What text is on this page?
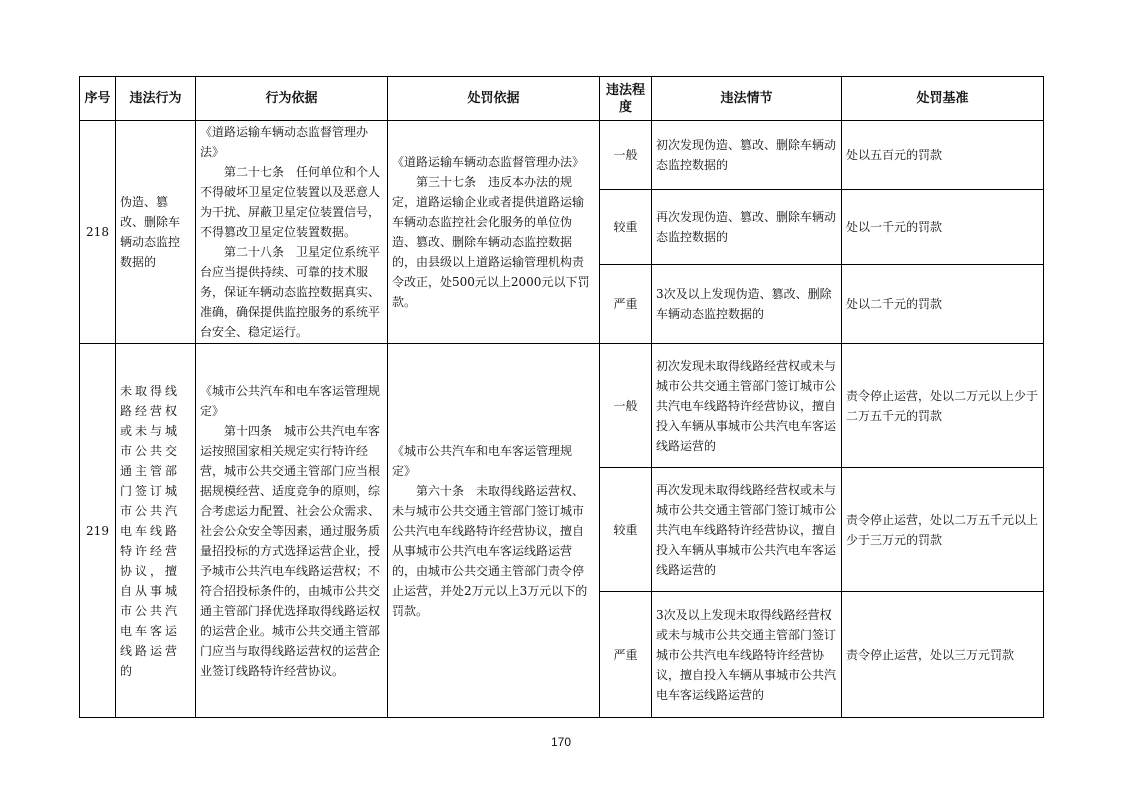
序号	违法行为	行为依据	处罚依据	违法程度	违法情节	处罚基准
218	伪造、篡改、删除车辆动态监控数据的	《道路运输车辆动态监督管理办法》
　　第二十七条　任何单位和个人不得破坏卫星定位装置以及恶意人为干扰、屏蔽卫星定位装置信号，不得篡改卫星定位装置数据。
　　第二十八条　卫星定位系统平台应当提供持续、可靠的技术服务，保证车辆动态监控数据真实、准确，确保提供监控服务的系统平台安全、稳定运行。	《道路运输车辆动态监督管理办法》
　　第三十七条　违反本办法的规定，道路运输企业或者提供道路运输车辆动态监控社会化服务的单位伪造、篡改、删除车辆动态监控数据的，由县级以上道路运输管理机构责令改正，处500元以上2000元以下罚款。	一般	初次发现伪造、篡改、删除车辆动态监控数据的	处以五百元的罚款
				较重	再次发现伪造、篡改、删除车辆动态监控数据的	处以一千元的罚款
				严重	3次及以上发现伪造、篡改、删除车辆动态监控数据的	处以二千元的罚款
219	未取得线路经营权或未与城市公共交通主管部门签订城市公共汽电车线路特许经营协议，擅自从事城市公共汽电车客运线路运营的	《城市公共汽车和电车客运管理规定》
　　第十四条　城市公共汽电车客运按照国家相关规定实行特许经营，城市公共交通主管部门应当根据规模经营、适度竞争的原则，综合考虑运力配置、社会公众需求、社会公众安全等因素，通过服务质量招投标的方式选择运营企业，授予城市公共汽电车线路运营权；不符合招投标条件的，由城市公共交通主管部门择优选择取得线路运权的运营企业。城市公共交通主管部门应当与取得线路运营权的运营企业签订线路特许经营协议。	《城市公共汽车和电车客运管理规定》
　　第六十条　未取得线路运营权、未与城市公共交通主管部门签订城市公共汽电车线路特许经营协议，擅自从事城市公共汽电车客运线路运营的，由城市公共交通主管部门责令停止运营，并处2万元以上3万元以下的罚款。	一般	初次发现未取得线路经营权或未与城市公共交通主管部门签订城市公共汽电车线路特许经营协议，擅自投入车辆从事城市公共汽电车客运线路运营的	责令停止运营，处以二万元以上少于二万五千元的罚款
				较重	再次发现未取得线路经营权或未与城市公共交通主管部门签订城市公共汽电车线路特许经营协议，擅自投入车辆从事城市公共汽电车客运线路运营的	责令停止运营，处以二万五千元以上少于三万元的罚款
				严重	3次及以上发现未取得线路经营权或未与城市公共交通主管部门签订城市公共汽电车线路特许经营协议，擅自投入车辆从事城市公共汽电车客运线路运营的	责令停止运营，处以三万元罚款
170
